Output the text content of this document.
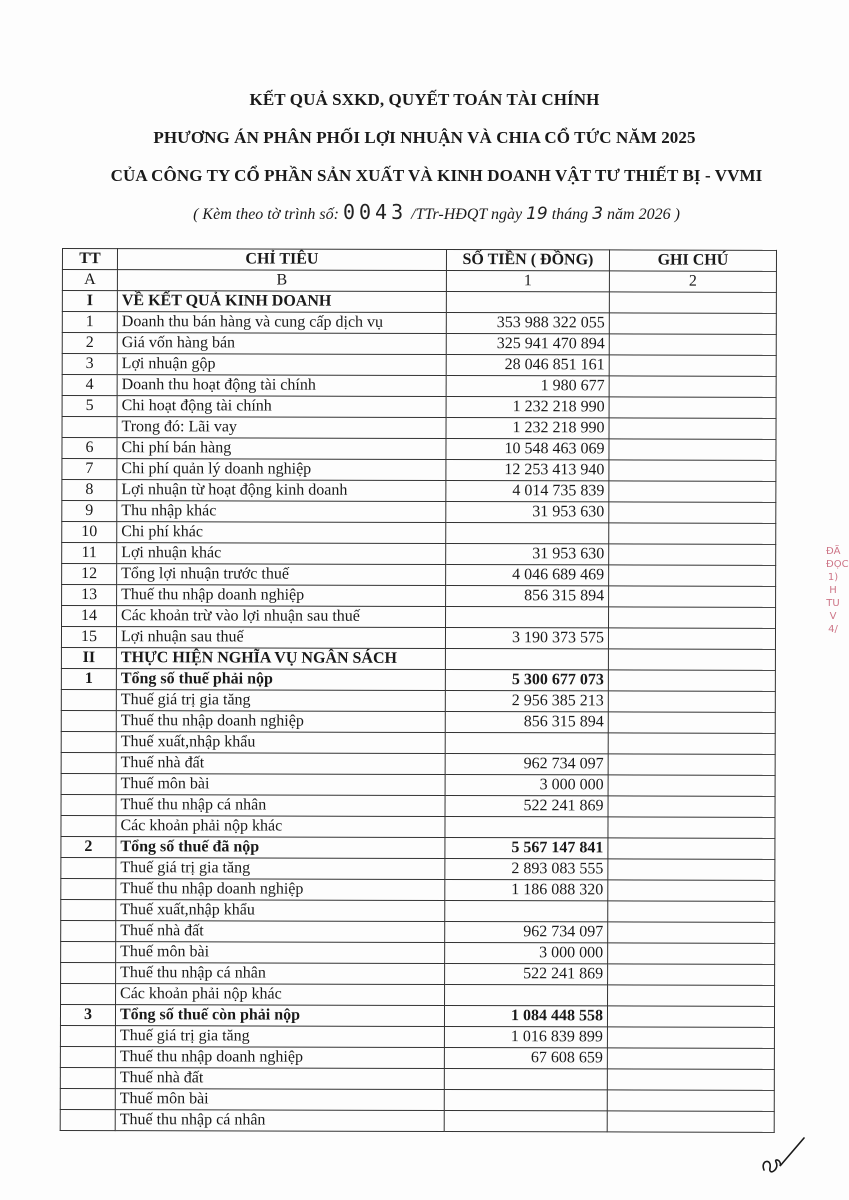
KẾT QUẢ SXKD, QUYẾT TOÁN TÀI CHÍNH
PHƯƠNG ÁN PHÂN PHỐI LỢI NHUẬN VÀ CHIA CỔ TỨC NĂM 2025
CỦA CÔNG TY CỔ PHẦN SẢN XUẤT VÀ KINH DOANH VẬT TƯ THIẾT BỊ - VVMI
( Kèm theo tờ trình số: 0043 /TTr-HĐQT ngày 19 tháng 3 năm 2026 )
TT	CHỈ TIÊU	SỐ TIỀN ( ĐỒNG)	GHI CHÚ
A	B	1	2
I	VỀ KẾT QUẢ KINH DOANH		
1	Doanh thu bán hàng và cung cấp dịch vụ	353 988 322 055	
2	Giá vốn hàng bán	325 941 470 894	
3	Lợi nhuận gộp	28 046 851 161	
4	Doanh thu hoạt động tài chính	1 980 677	
5	Chi hoạt động tài chính	1 232 218 990	
	Trong đó: Lãi vay	1 232 218 990	
6	Chi phí bán hàng	10 548 463 069	
7	Chi phí quản lý doanh nghiệp	12 253 413 940	
8	Lợi nhuận từ hoạt động kinh doanh	4 014 735 839	
9	Thu nhập khác	31 953 630	
10	Chi phí khác		
11	Lợi nhuận khác	31 953 630	
12	Tổng lợi nhuận trước thuế	4 046 689 469	
13	Thuế thu nhập doanh nghiệp	856 315 894	
14	Các khoản trừ vào lợi nhuận sau thuế		
15	Lợi nhuận sau thuế	3 190 373 575	
II	THỰC HIỆN NGHĨA VỤ NGÂN SÁCH		
1	Tổng số thuế phải nộp	5 300 677 073	
	Thuế giá trị gia tăng	2 956 385 213	
	Thuế thu nhập doanh nghiệp	856 315 894	
	Thuế xuất,nhập khẩu		
	Thuế nhà đất	962 734 097	
	Thuế môn bài	3 000 000	
	Thuế thu nhập cá nhân	522 241 869	
	Các khoản phải nộp khác		
2	Tổng số thuế đã nộp	5 567 147 841	
	Thuế giá trị gia tăng	2 893 083 555	
	Thuế thu nhập doanh nghiệp	1 186 088 320	
	Thuế xuất,nhập khẩu		
	Thuế nhà đất	962 734 097	
	Thuế môn bài	3 000 000	
	Thuế thu nhập cá nhân	522 241 869	
	Các khoản phải nộp khác		
3	Tổng số thuế còn phải nộp	1 084 448 558	
	Thuế giá trị gia tăng	1 016 839 899	
	Thuế thu nhập doanh nghiệp	67 608 659	
	Thuế nhà đất		
	Thuế môn bài		
	Thuế thu nhập cá nhân		
ĐÃ ĐỌC 1) H TU V 4/
